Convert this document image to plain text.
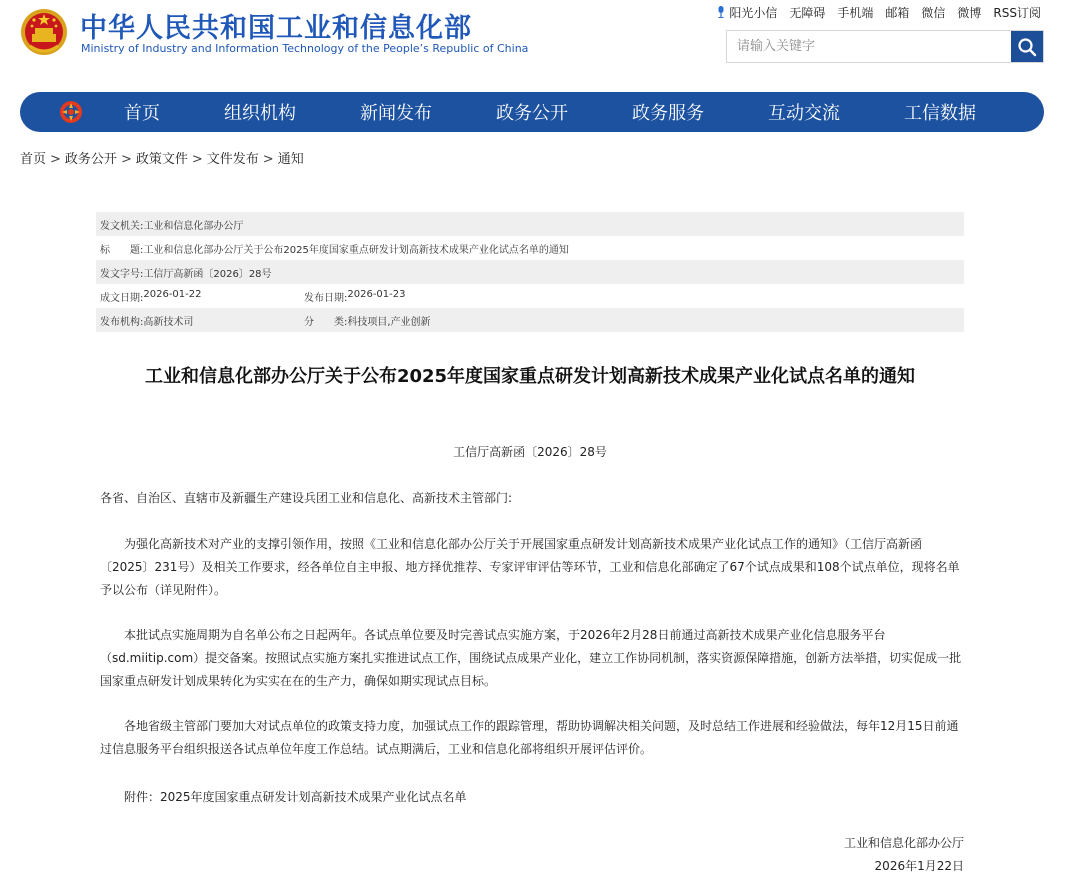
中华人民共和国工业和信息化部
Ministry of Industry and Information Technology of the People’s Republic of China
阳光小信 无障碍 手机端 邮箱 微信 微博 RSS订阅
请输入关键字
首页	组织机构	新闻发布	政务公开	政务服务	互动交流	工信数据
首页 > 政务公开 > 政策文件 > 文件发布 > 通知
发文机关: 工业和信息化部办公厅
标　　题: 工业和信息化部办公厅关于公布2025年度国家重点研发计划高新技术成果产业化试点名单的通知
发文字号: 工信厅高新函〔2026〕28号
成文日期: 2026-01-22	发布日期: 2026-01-23
发布机构: 高新技术司	分　　类: 科技项目,产业创新
工业和信息化部办公厅关于公布2025年度国家重点研发计划高新技术成果产业化试点名单的通知
工信厅高新函〔2026〕28号
各省、自治区、直辖市及新疆生产建设兵团工业和信息化、高新技术主管部门:
为强化高新技术对产业的支撑引领作用，按照《工业和信息化部办公厅关于开展国家重点研发计划高新技术成果产业化试点工作的通知》（工信厅高新函〔2025〕231号）及相关工作要求，经各单位自主申报、地方择优推荐、专家评审评估等环节，工业和信息化部确定了67个试点成果和108个试点单位，现将名单予以公布（详见附件）。
本批试点实施周期为自名单公布之日起两年。各试点单位要及时完善试点实施方案，于2026年2月28日前通过高新技术成果产业化信息服务平台（sd.miitip.com）提交备案。按照试点实施方案扎实推进试点工作，围绕试点成果产业化，建立工作协同机制，落实资源保障措施，创新方法举措，切实促成一批国家重点研发计划成果转化为实实在在的生产力，确保如期实现试点目标。
各地省级主管部门要加大对试点单位的政策支持力度，加强试点工作的跟踪管理，帮助协调解决相关问题，及时总结工作进展和经验做法，每年12月15日前通过信息服务平台组织报送各试点单位年度工作总结。试点期满后，工业和信息化部将组织开展评估评价。
附件：2025年度国家重点研发计划高新技术成果产业化试点名单
工业和信息化部办公厅
2026年1月22日
